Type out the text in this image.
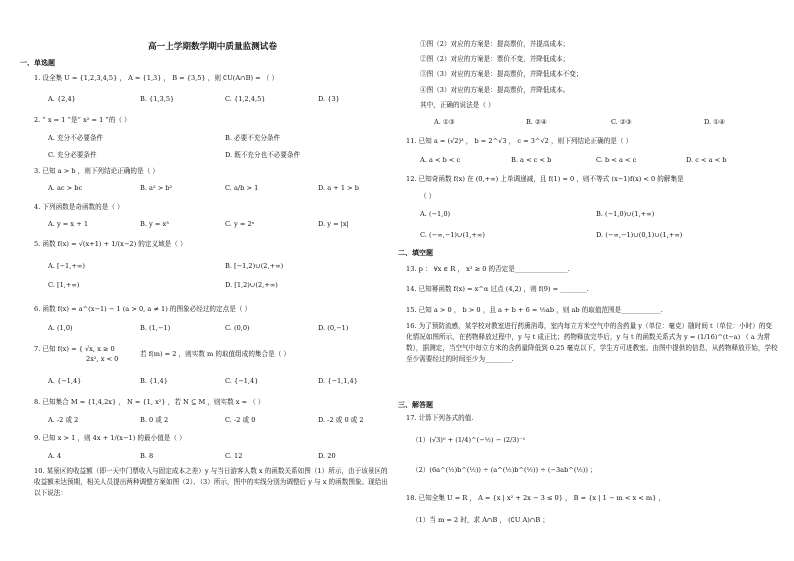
高一上学期数学期中质量监测试卷
一、单选题
1. 设全集 U = {1,2,3,4,5} ， A = {1,3} ， B = {3,5} ，则 ∁U(A∩B) = （ ）
A. {2,4}	B. {1,3,5}	C. {1,2,4,5}	D. {3}
2. “ x = 1 ”是“ x² = 1 ”的（ ）
A. 充分不必要条件	B. 必要不充分条件
C. 充分必要条件	D. 既不充分也不必要条件
3. 已知 a > b ，则下列结论正确的是（ ）
A. ac > bc	B. a² > b²	C. a/b > 1	D. a + 1 > b
4. 下列函数是奇函数的是（ ）
A. y = x + 1	B. y = x³	C. y = 2ˣ	D. y = |x|
5. 函数 f(x) = √(x+1) + 1/(x−2) 的定义域是（ ）
A. [−1,+∞)	B. [−1,2)∪(2,+∞)
C. [1,+∞)	D. [1,2)∪(2,+∞)
6. 函数 f(x) = a^(x−1) − 1 (a > 0, a ≠ 1) 的图象必经过的定点是（ ）
A. (1,0)	B. (1,−1)	C. (0,0)	D. (0,−1)
7. 已知 f(x) = { √x, x ≥ 0
2x², x < 0
若 f(m) = 2 ，则实数 m 的取值组成的集合是（ ）
A. {−1,4}	B. {1,4}	C. {−1,4}	D. {−1,1,4}
8. 已知集合 M = {1,4,2x} ， N = {1, x²} ，若 N ⊆ M ，则实数 x = （ ）
A. -2 或 2	B. 0 或 2	C. -2 或 0	D. -2 或 0 或 2
9. 已知 x > 1 ，则 4x + 1/(x−1) 的最小值是（ ）
A. 4	B. 8	C. 12	D. 20
10. 某景区的收益额（即一天中门票收入与固定成本之差）y 与当日游客人数 x 的函数关系如图（1）所示，由于该景区的收益额未达预期，相关人员提出两种调整方案如图（2）、（3）所示，图中的实线分别为调整后 y 与 x 的函数图象。现给出以下说法：
①图（2）对应的方案是：提高票价，并提高成本；
②图（2）对应的方案是：票价不变，并降低成本；
③图（3）对应的方案是：提高票价，并降低成本不变；
④图（3）对应的方案是：提高票价，并降低成本。
其中，正确的说法是（ ）
A. ①③	B. ②④	C. ②③	D. ①④
11. 已知 a = (√2)³ ， b = 2^√3 ， c = 3^√2 ，则下列结论正确的是（ ）
A. a < b < c	B. a < c < b	C. b < a < c	D. c < a < b
12. 已知奇函数 f(x) 在 (0,+∞) 上单调递减，且 f(1) = 0 ，则不等式 (x−1)f(x) < 0 的解集是
（ ）
A. (−1,0)	B. (−1,0)∪(1,+∞)
C. (−∞,−1)∪(1,+∞)	D. (−∞,−1)∪(0,1)∪(1,+∞)
二、填空题
13. p ： ∀x ∈ R ， x² ≥ 0 的否定是________________.
14. 已知幂函数 f(x) = x^α 过点 (4,2) ，则 f(9) = ________.
15. 已知 a > 0 ， b > 0 ，且 a + b + 6 = ½ab ，则 ab 的取值范围是____________.
16. 为了预防流感，某学校对教室进行药熏消毒，室内每立方米空气中的含药量 y（单位：毫克）随时间 t（单位：小时）的变化情况如图所示，在药物释放过程中，y 与 t 成正比；药物释放完毕后，y 与 t 的函数关系式为 y = (1/16)^(t−a) （ a 为常数），据测定，当空气中每立方米的含药量降低到 0.25 毫克以下，学生方可进教室。由图中提供的信息，从药物释放开始，学校至少需要经过的时间至少为________.
三、解答题
17. 计算下列各式的值.
（1）(√3)⁰ + (1/4)^(−½) − (2/3)⁻¹
（2）(6a^(½)b^(½)) ÷ (a^(½)b^(½)) ÷ (−3ab^(½)) ；
18. 已知全集 U = R ， A = {x | x² + 2x − 3 ≤ 0} ， B = {x | 1 − m < x < m} ，
（1）当 m = 2 时，求 A∩B ， (∁U A)∩B ；
